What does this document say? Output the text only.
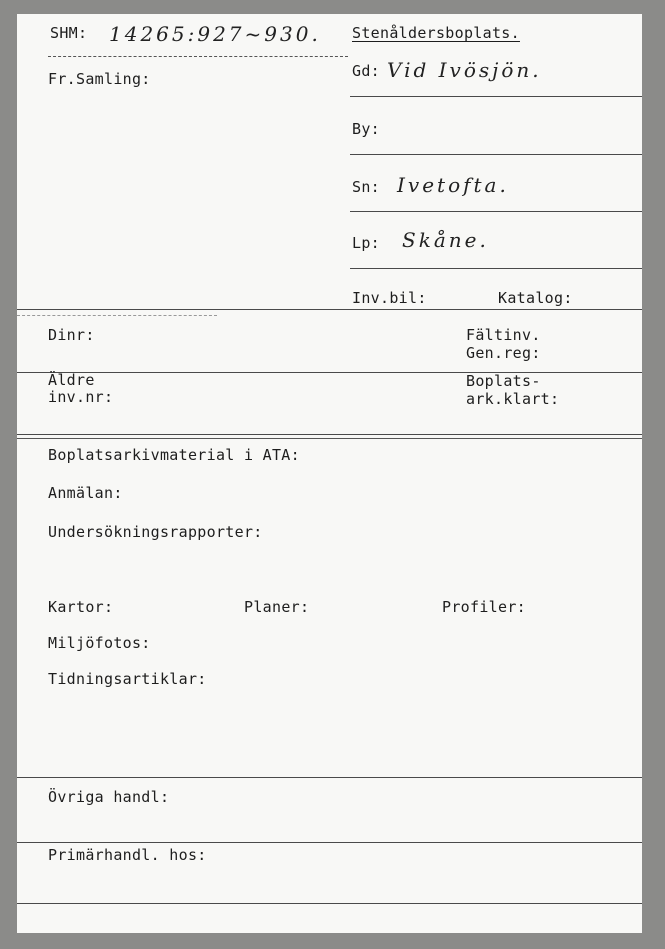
SHM: 14265:927~930. Stenåldersboplats.
Fr.Samling:	Gd: Vid Ivösjön.
By:
Sn: Ivetofta.
Lp: Skåne.
Inv.bil:	Katalog:
Dinr:	Fältinv.
Gen.reg:
Äldre
inv.nr:
Boplats-
ark.klart:
Boplatsarkivmaterial i ATA:
Anmälan:
Undersökningsrapporter:
Kartor:	Planer:	Profiler:
Miljöfotos:
Tidningsartiklar:
Övriga handl:
Primärhandl. hos:
